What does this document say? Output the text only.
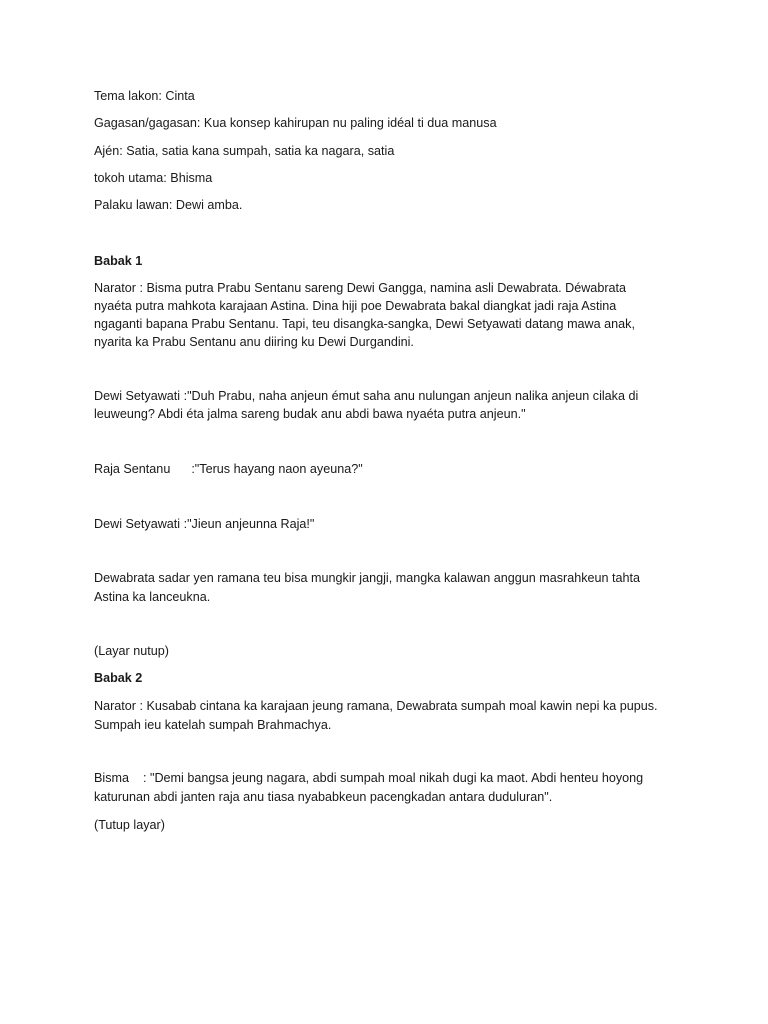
Tema lakon: Cinta
Gagasan/gagasan: Kua konsep kahirupan nu paling idéal ti dua manusa
Ajén: Satia, satia kana sumpah, satia ka nagara, satia
tokoh utama: Bhisma
Palaku lawan: Dewi amba.
Babak 1
Narator : Bisma putra Prabu Sentanu sareng Dewi Gangga, namina asli Dewabrata. Déwabrata
nyaéta putra mahkota karajaan Astina. Dina hiji poe Dewabrata bakal diangkat jadi raja Astina
ngaganti bapana Prabu Sentanu. Tapi, teu disangka-sangka, Dewi Setyawati datang mawa anak,
nyarita ka Prabu Sentanu anu diiring ku Dewi Durgandini.
Dewi Setyawati :"Duh Prabu, naha anjeun émut saha anu nulungan anjeun nalika anjeun cilaka di
leuweung? Abdi éta jalma sareng budak anu abdi bawa nyaéta putra anjeun."
Raja Sentanu      :"Terus hayang naon ayeuna?"
Dewi Setyawati :"Jieun anjeunna Raja!"
Dewabrata sadar yen ramana teu bisa mungkir jangji, mangka kalawan anggun masrahkeun tahta
Astina ka lanceukna.
(Layar nutup)
Babak 2
Narator : Kusabab cintana ka karajaan jeung ramana, Dewabrata sumpah moal kawin nepi ka pupus.
Sumpah ieu katelah sumpah Brahmachya.
Bisma    : "Demi bangsa jeung nagara, abdi sumpah moal nikah dugi ka maot. Abdi henteu hoyong
katurunan abdi janten raja anu tiasa nyababkeun pacengkadan antara duduluran".
(Tutup layar)
